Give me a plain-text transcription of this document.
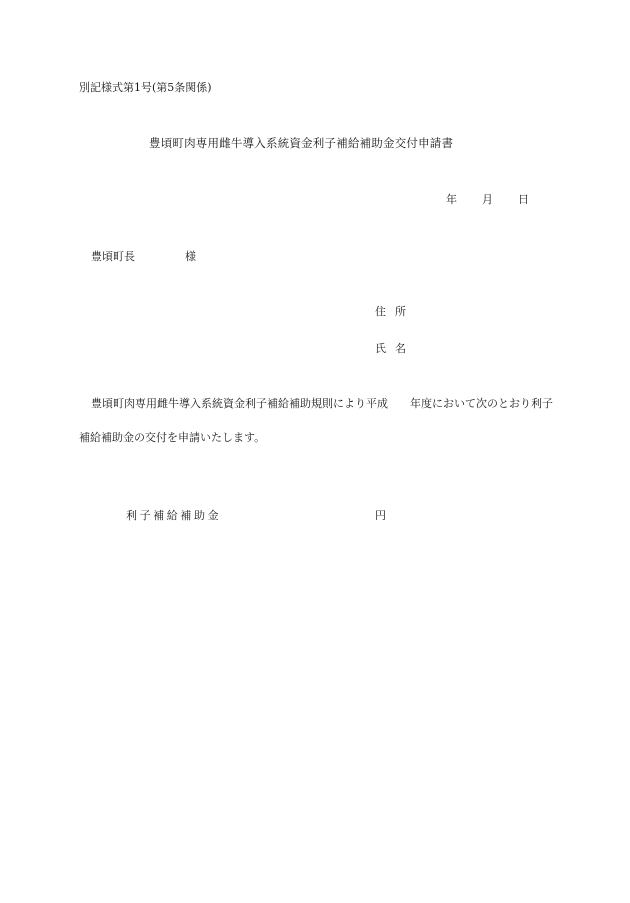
別記様式第1号(第5条関係)
豊頃町肉専用雌牛導入系統資金利子補給補助金交付申請書
年 月 日
豊頃町長	様
住所
氏名

豊頃町肉専用雌牛導入系統資金利子補給補助規則により平成　　年度において次のとおり利子補給補助金の交付を申請いたします。

利子補給補助金	円
